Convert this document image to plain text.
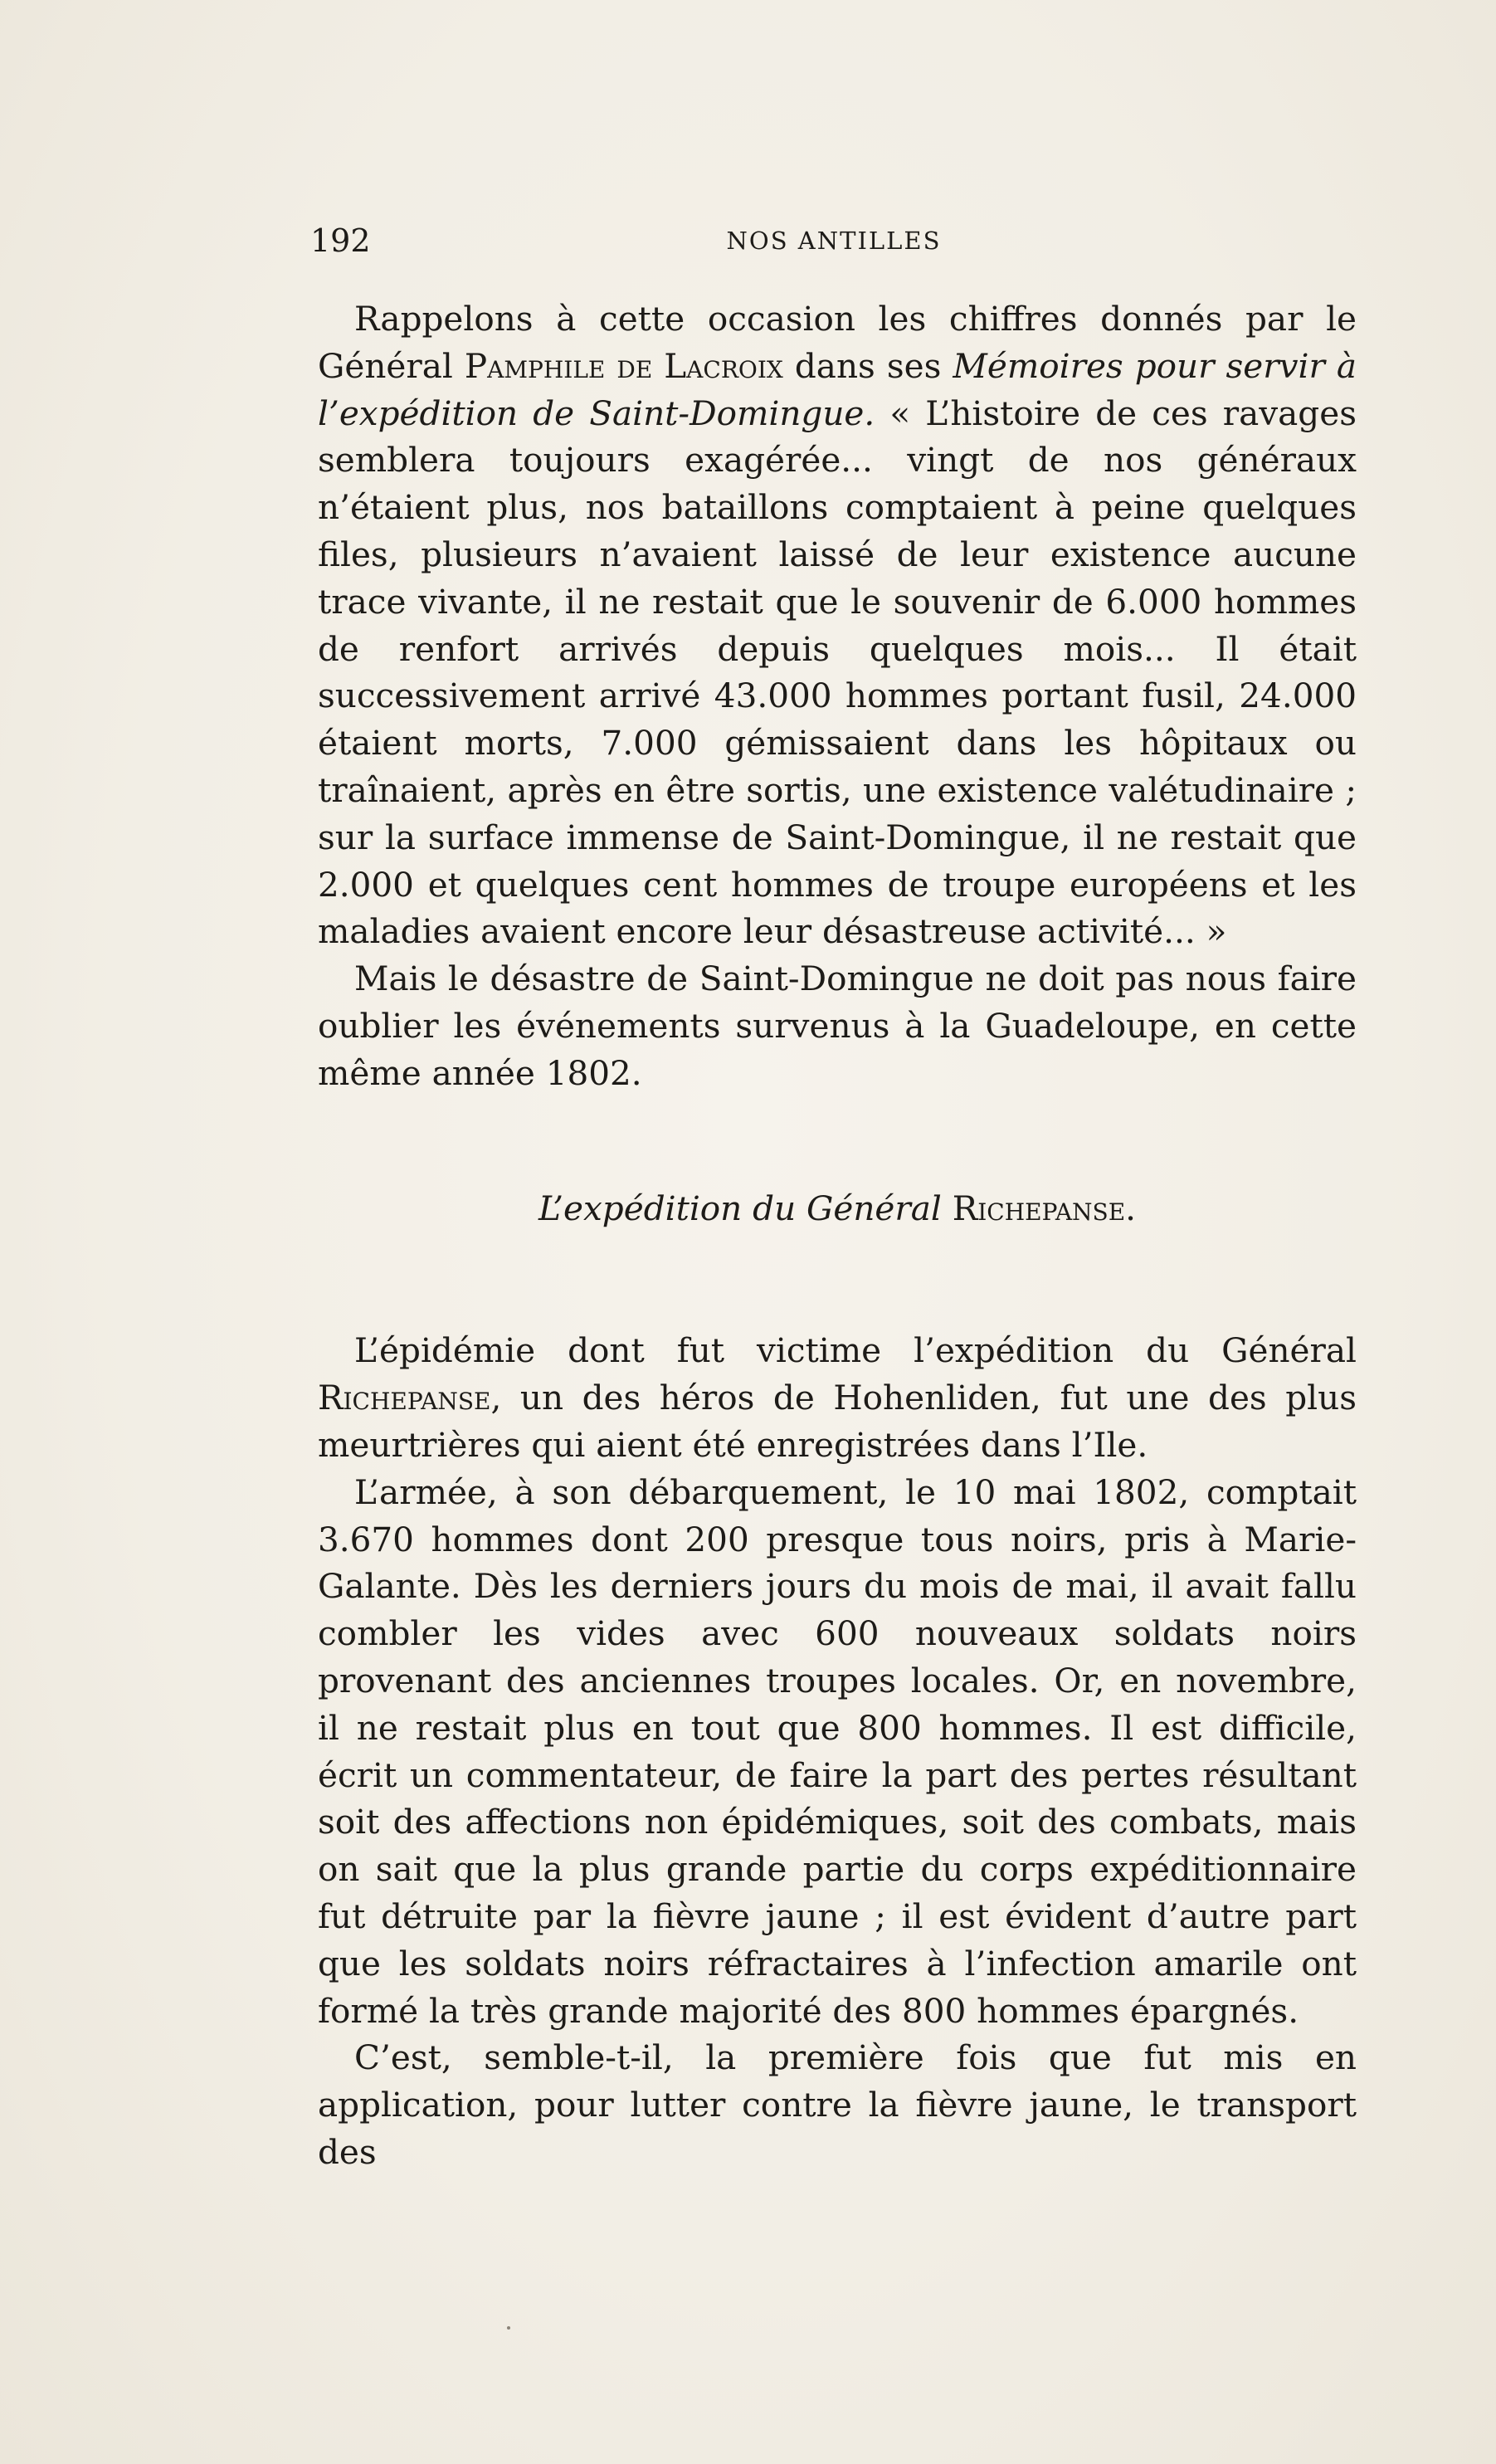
192	NOS ANTILLES

Rappelons à cette occasion les chiffres donnés par le Général Pamphile de Lacroix dans ses Mémoires pour servir à l’expédition de Saint-Domingue. « L’histoire de ces ravages semblera toujours exagérée... vingt de nos généraux n’étaient plus, nos bataillons comptaient à peine quelques files, plusieurs n’avaient laissé de leur existence aucune trace vivante, il ne restait que le souvenir de 6.000 hommes de renfort arrivés depuis quelques mois... Il était successivement arrivé 43.000 hommes portant fusil, 24.000 étaient morts, 7.000 gémissaient dans les hôpitaux ou traînaient, après en être sortis, une existence valétudinaire ; sur la surface immense de Saint-Domingue, il ne restait que 2.000 et quelques cent hommes de troupe européens et les maladies avaient encore leur désastreuse activité... »

Mais le désastre de Saint-Domingue ne doit pas nous faire oublier les événements survenus à la Guadeloupe, en cette même année 1802.

L’expédition du Général Richepanse.

L’épidémie dont fut victime l’expédition du Général Richepanse, un des héros de Hohenliden, fut une des plus meurtrières qui aient été enregistrées dans l’Ile.

L’armée, à son débarquement, le 10 mai 1802, comptait 3.670 hommes dont 200 presque tous noirs, pris à Marie-Galante. Dès les derniers jours du mois de mai, il avait fallu combler les vides avec 600 nouveaux soldats noirs provenant des anciennes troupes locales. Or, en novembre, il ne restait plus en tout que 800 hommes. Il est difficile, écrit un commentateur, de faire la part des pertes résultant soit des affections non épidémiques, soit des combats, mais on sait que la plus grande partie du corps expéditionnaire fut détruite par la fièvre jaune ; il est évident d’autre part que les soldats noirs réfractaires à l’infection amarile ont formé la très grande majorité des 800 hommes épargnés.

C’est, semble-t-il, la première fois que fut mis en application, pour lutter contre la fièvre jaune, le transport des
